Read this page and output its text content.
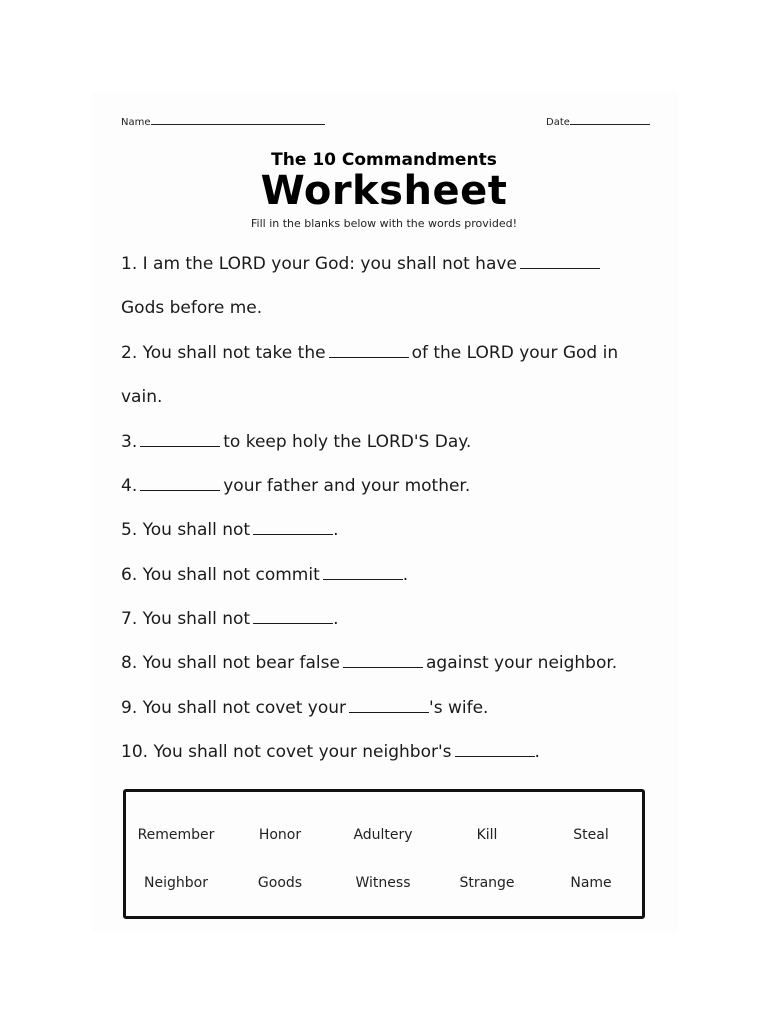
Name	Date
The 10 Commandments
Worksheet
Fill in the blanks below with the words provided!
1. I am the LORD your God: you shall not have
Gods before me.
2. You shall not take the	of the LORD your God in
vain.
3.	to keep holy the LORD'S Day.
4.	your father and your mother.
5. You shall not	.
6. You shall not commit	.
7. You shall not	.
8. You shall not bear false	against your neighbor.
9. You shall not covet your	's wife.
10. You shall not covet your neighbor's	.
Remember	Honor	Adultery	Kill	Steal
Neighbor	Goods	Witness	Strange	Name
